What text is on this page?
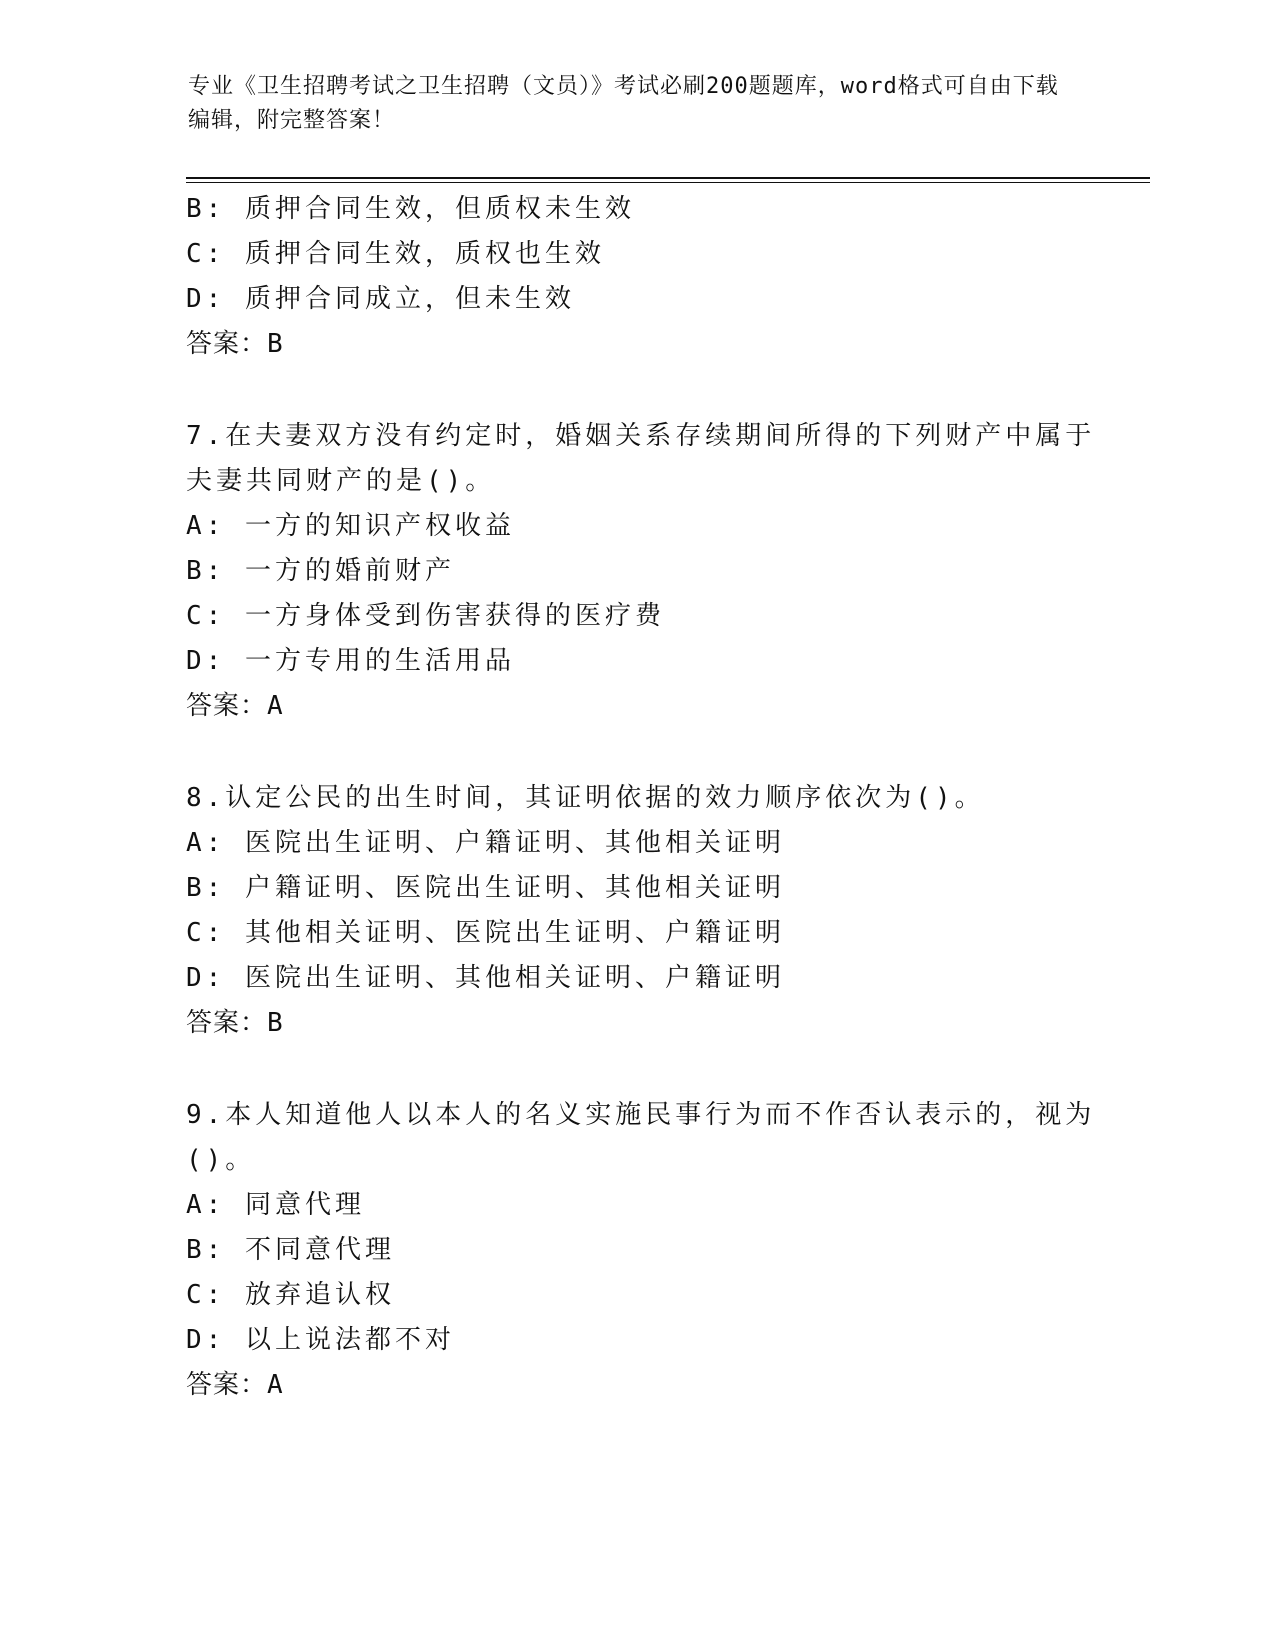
专业《卫生招聘考试之卫生招聘（文员）》考试必刷200题题库，word格式可自由下载编辑，附完整答案！
B: 质押合同生效，但质权未生效
C: 质押合同生效，质权也生效
D: 质押合同成立，但未生效
答案：B
7.在夫妻双方没有约定时，婚姻关系存续期间所得的下列财产中属于
夫妻共同财产的是()。
A: 一方的知识产权收益
B: 一方的婚前财产
C: 一方身体受到伤害获得的医疗费
D: 一方专用的生活用品
答案：A
8.认定公民的出生时间，其证明依据的效力顺序依次为()。
A: 医院出生证明、户籍证明、其他相关证明
B: 户籍证明、医院出生证明、其他相关证明
C: 其他相关证明、医院出生证明、户籍证明
D: 医院出生证明、其他相关证明、户籍证明
答案：B
9.本人知道他人以本人的名义实施民事行为而不作否认表示的，视为
()。
A: 同意代理
B: 不同意代理
C: 放弃追认权
D: 以上说法都不对
答案：A
